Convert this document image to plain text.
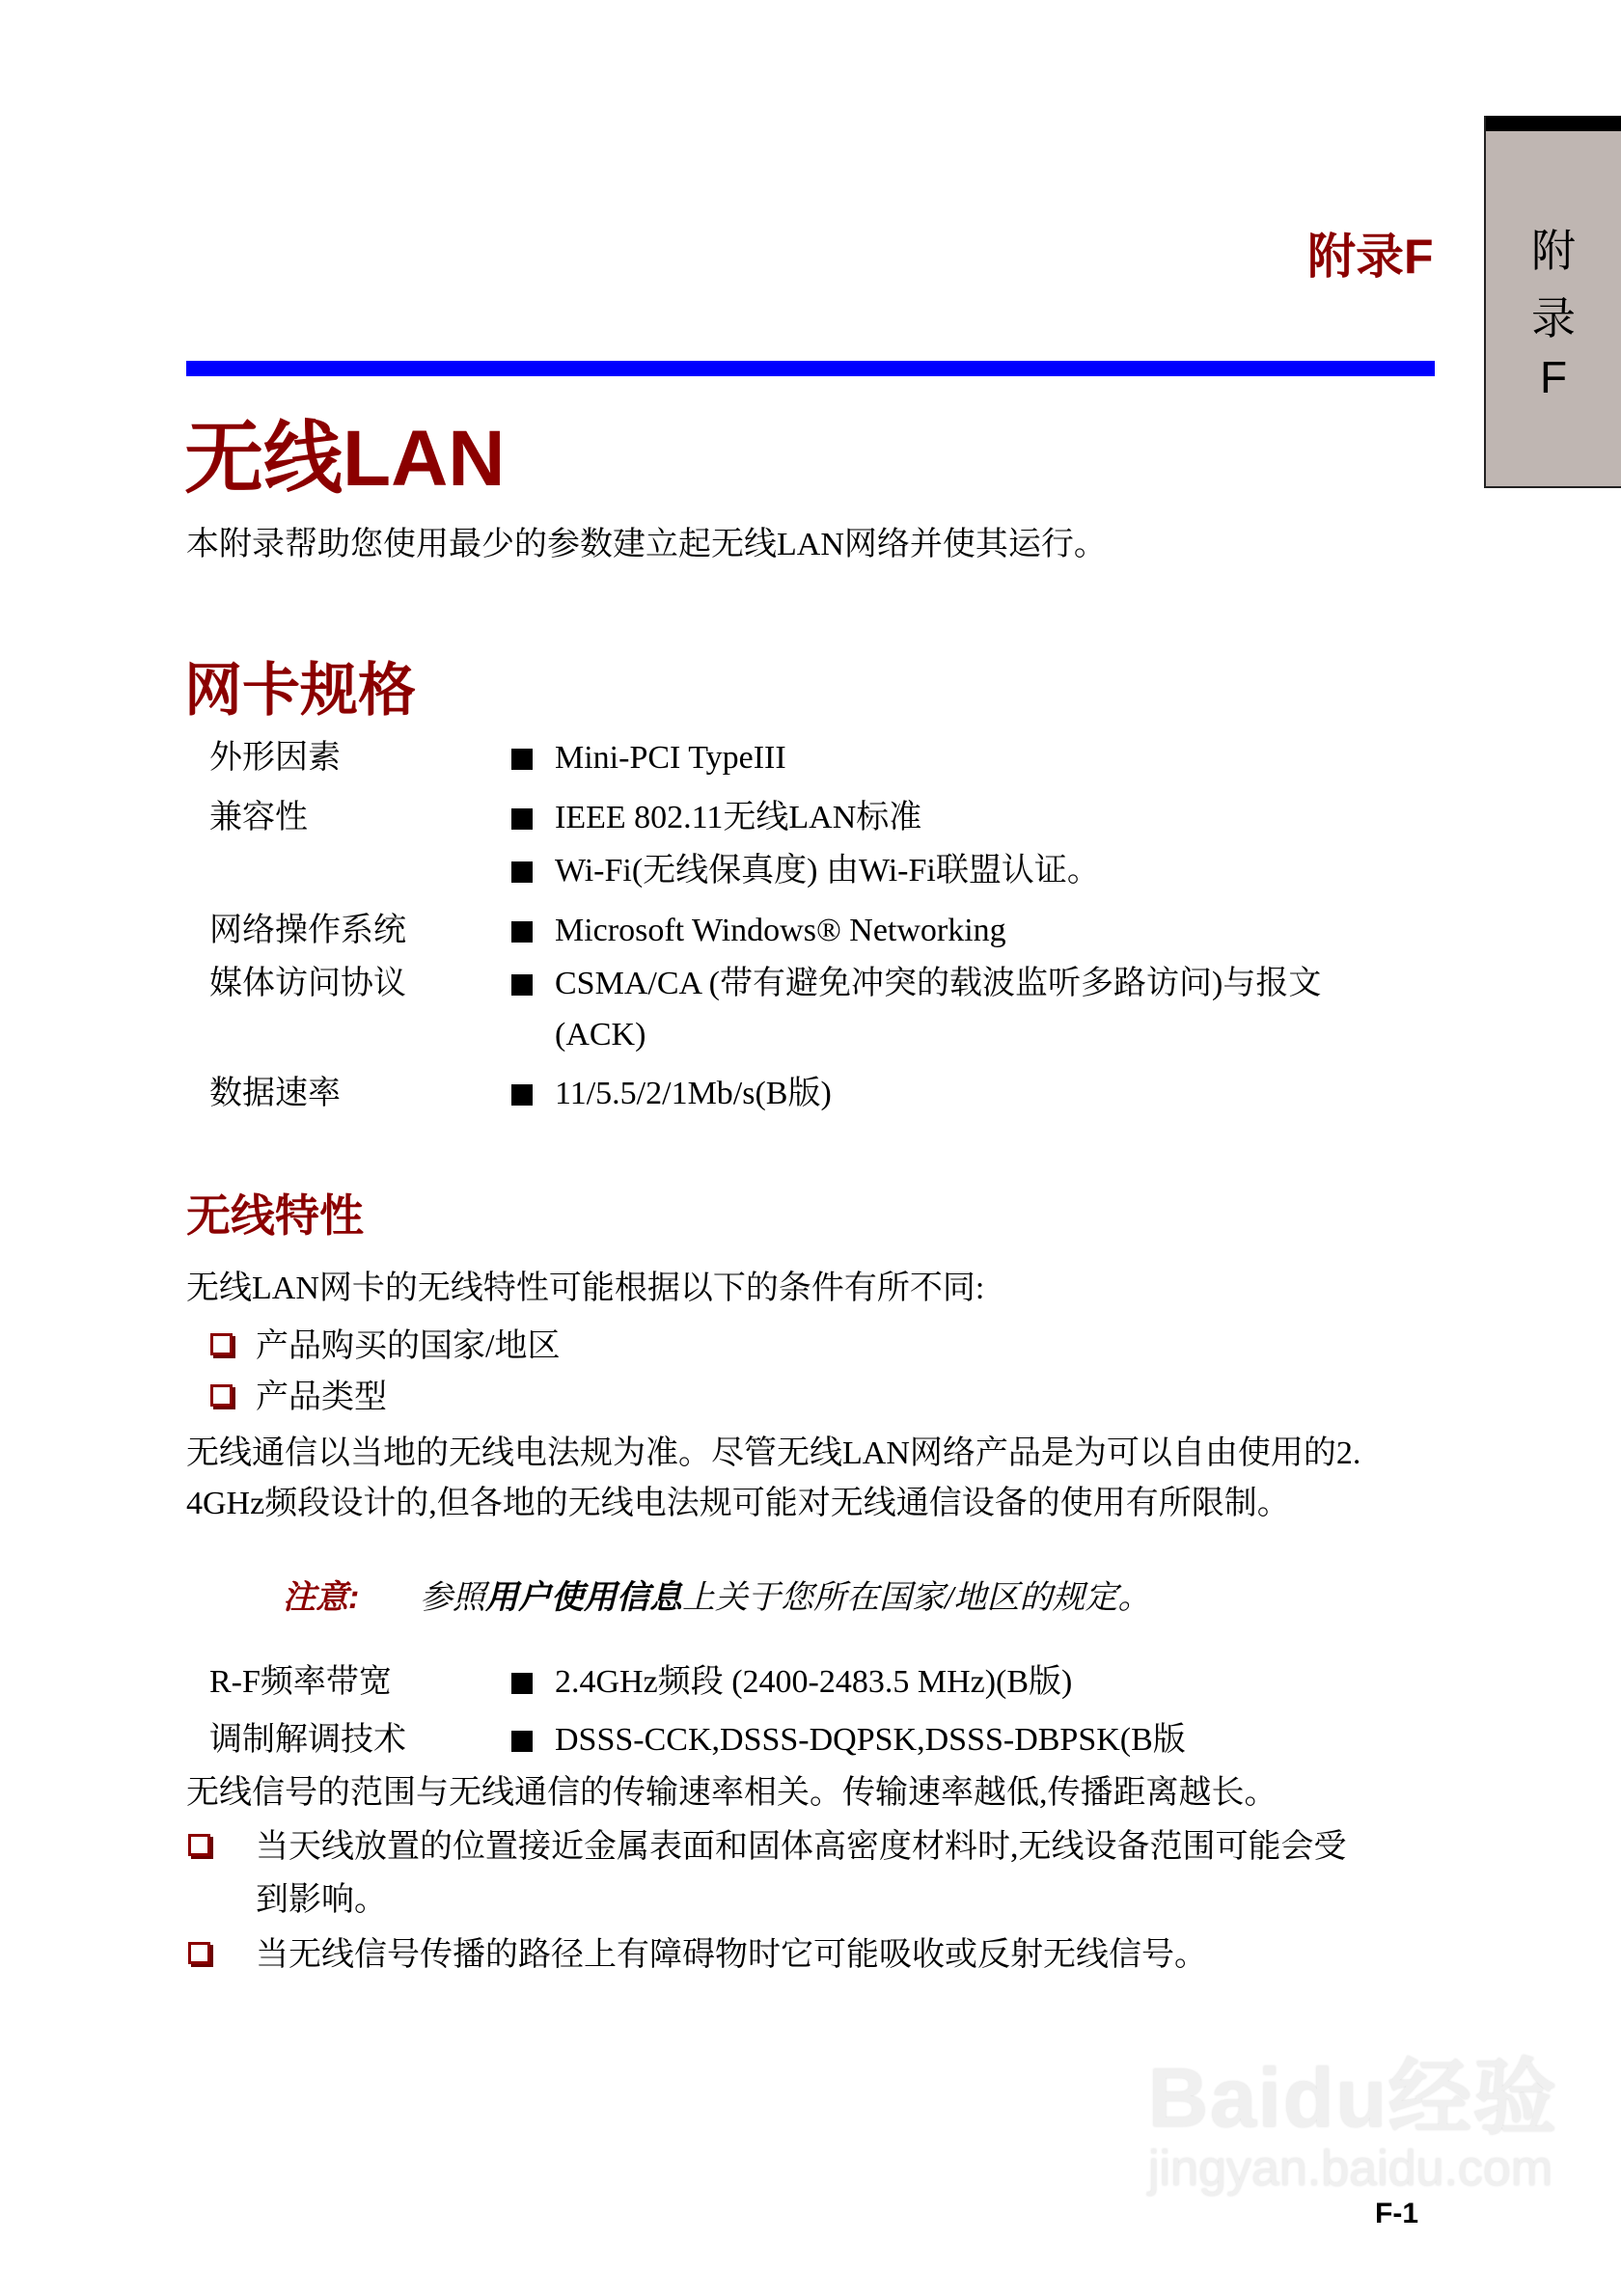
附录F	附
录
F
无线LAN
本附录帮助您使用最少的参数建立起无线LAN网络并使其运行。
网卡规格
外形因素	Mini-PCI TypeIII
兼容性	IEEE 802.11无线LAN标准
Wi-Fi(无线保真度) 由Wi-Fi联盟认证。
网络操作系统	Microsoft Windows® Networking
媒体访问协议	CSMA/CA (带有避免冲突的载波监听多路访问)与报文
(ACK)
数据速率	11/5.5/2/1Mb/s(B版)
无线特性
无线LAN网卡的无线特性可能根据以下的条件有所不同:
产品购买的国家/地区
产品类型
无线通信以当地的无线电法规为准。尽管无线LAN网络产品是为可以自由使用的2.
4GHz频段设计的,但各地的无线电法规可能对无线通信设备的使用有所限制。
注意: 参照用户使用信息上关于您所在国家/地区的规定。
R-F频率带宽	2.4GHz频段 (2400-2483.5 MHz)(B版)
调制解调技术	DSSS-CCK,DSSS-DQPSK,DSSS-DBPSK(B版
无线信号的范围与无线通信的传输速率相关。传输速率越低,传播距离越长。
当天线放置的位置接近金属表面和固体高密度材料时,无线设备范围可能会受
到影响。
当无线信号传播的路径上有障碍物时它可能吸收或反射无线信号。
Baidu经验
jingyan.baidu.com
F-1
